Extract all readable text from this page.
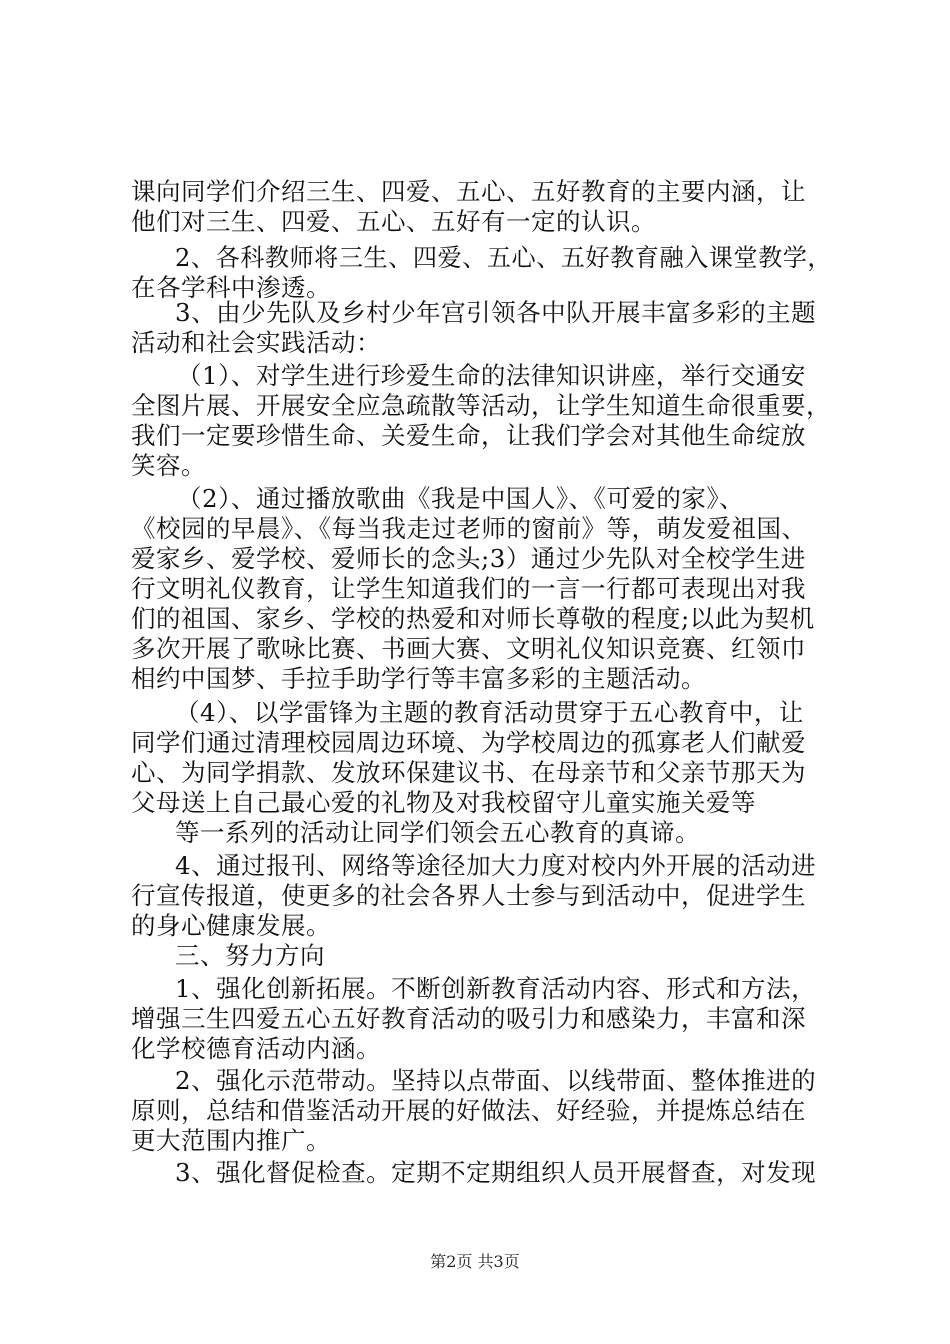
课向同学们介绍三生、四爱、五心、五好教育的主要内涵，让
他们对三生、四爱、五心、五好有一定的认识。
2、各科教师将三生、四爱、五心、五好教育融入课堂教学，
在各学科中渗透。
3、由少先队及乡村少年宫引领各中队开展丰富多彩的主题
活动和社会实践活动：
（1）、对学生进行珍爱生命的法律知识讲座，举行交通安
全图片展、开展安全应急疏散等活动，让学生知道生命很重要，
我们一定要珍惜生命、关爱生命，让我们学会对其他生命绽放
笑容。
（2）、通过播放歌曲《我是中国人》、《可爱的家》、
《校园的早晨》、《每当我走过老师的窗前》等，萌发爱祖国、
爱家乡、爱学校、爱师长的念头;3）通过少先队对全校学生进
行文明礼仪教育，让学生知道我们的一言一行都可表现出对我
们的祖国、家乡、学校的热爱和对师长尊敬的程度;以此为契机
多次开展了歌咏比赛、书画大赛、文明礼仪知识竞赛、红领巾
相约中国梦、手拉手助学行等丰富多彩的主题活动。
（4）、以学雷锋为主题的教育活动贯穿于五心教育中，让
同学们通过清理校园周边环境、为学校周边的孤寡老人们献爱
心、为同学捐款、发放环保建议书、在母亲节和父亲节那天为
父母送上自己最心爱的礼物及对我校留守儿童实施关爱等
等一系列的活动让同学们领会五心教育的真谛。
4、通过报刊、网络等途径加大力度对校内外开展的活动进
行宣传报道，使更多的社会各界人士参与到活动中，促进学生
的身心健康发展。
三、努力方向
1、强化创新拓展。不断创新教育活动内容、形式和方法，
增强三生四爱五心五好教育活动的吸引力和感染力，丰富和深
化学校德育活动内涵。
2、强化示范带动。坚持以点带面、以线带面、整体推进的
原则，总结和借鉴活动开展的好做法、好经验，并提炼总结在
更大范围内推广。
3、强化督促检查。定期不定期组织人员开展督查，对发现
第2页 共3页
